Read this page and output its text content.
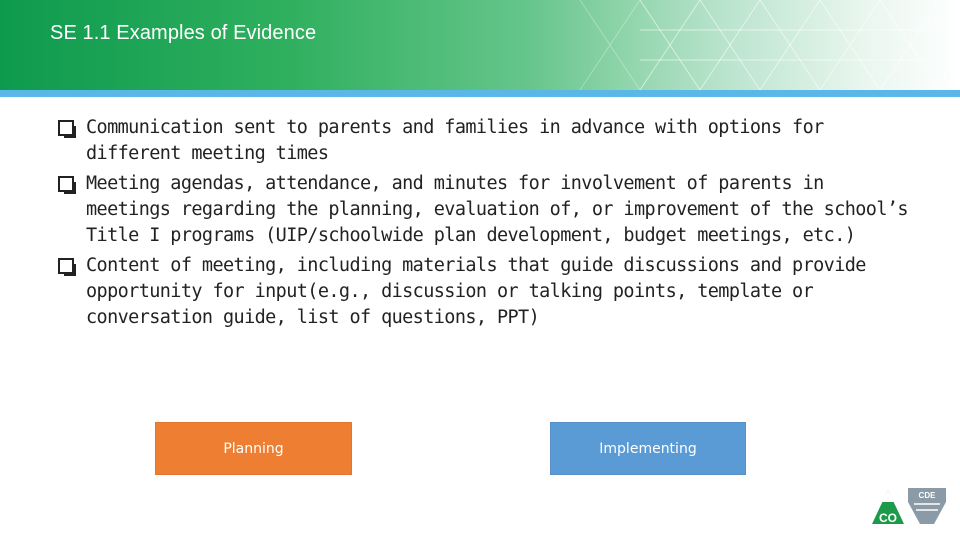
SE 1.1 Examples of Evidence
Communication sent to parents and families in advance with options for different meeting times
Meeting agendas, attendance, and minutes for involvement of parents in meetings regarding the planning, evaluation of, or improvement of the school’s Title I programs (UIP/schoolwide plan development, budget meetings, etc.)
Content of meeting, including materials that guide discussions and provide opportunity for input(e.g., discussion or talking points, template or conversation guide, list of questions, PPT)
Planning	Implementing
CO
CDE
